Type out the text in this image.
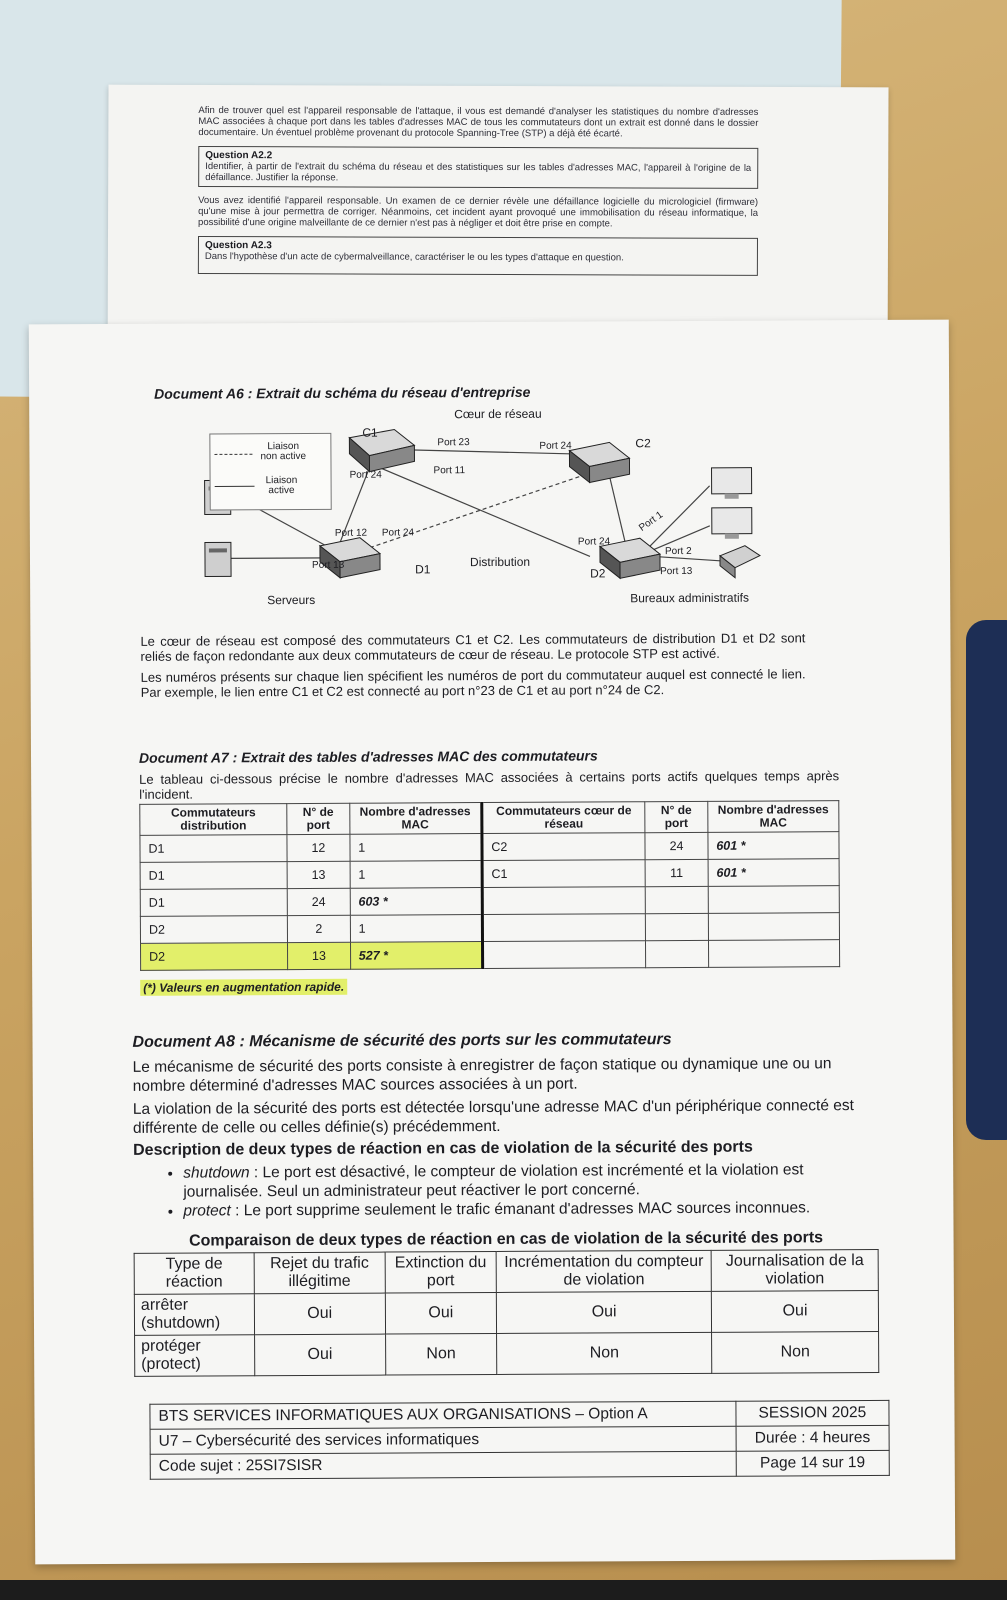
Afin de trouver quel est l'appareil responsable de l'attaque, il vous est demandé d'analyser les statistiques du nombre d'adresses MAC associées à chaque port dans les tables d'adresses MAC de tous les commutateurs dont un extrait est donné dans le dossier documentaire. Un éventuel problème provenant du protocole Spanning-Tree (STP) a déjà été écarté.

Question A2.2

Identifier, à partir de l'extrait du schéma du réseau et des statistiques sur les tables d'adresses MAC, l'appareil à l'origine de la défaillance. Justifier la réponse.

Vous avez identifié l'appareil responsable. Un examen de ce dernier révèle une défaillance logicielle du micrologiciel (firmware) qu'une mise à jour permettra de corriger. Néanmoins, cet incident ayant provoqué une immobilisation du réseau informatique, la possibilité d'une origine malveillante de ce dernier n'est pas à négliger et doit être prise en compte.

Question A2.3

Dans l'hypothèse d'un acte de cybermalveillance, caractériser le ou les types d'attaque en question.

Document A6 : Extrait du schéma du réseau d'entreprise

Liaison
non active
Liaison
active
Cœur de réseau
C1
C2
D1	D2
Port 23	Port 24
Port 24	Port 11
Port 12 Port 24
Port 13
Port 24
Port 1
Port 2
Port 13
Distribution
Serveurs	Bureaux administratifs

Le cœur de réseau est composé des commutateurs C1 et C2. Les commutateurs de distribution D1 et D2 sont reliés de façon redondante aux deux commutateurs de cœur de réseau. Le protocole STP est activé.

Les numéros présents sur chaque lien spécifient les numéros de port du commutateur auquel est connecté le lien. Par exemple, le lien entre C1 et C2 est connecté au port n°23 de C1 et au port n°24 de C2.

Document A7 : Extrait des tables d'adresses MAC des commutateurs

Le tableau ci-dessous précise le nombre d'adresses MAC associées à certains ports actifs quelques temps après l'incident.

Commutateurs distribution	N° de port	Nombre d'adresses MAC	Commutateurs cœur de réseau	N° de port	Nombre d'adresses MAC
D1	12	1	C2	24	601 *
D1	13	1	C1	11	601 *
D1	24	603 *			
D2	2	1			
D2	13	527 *			
(*) Valeurs en augmentation rapide.

Document A8 : Mécanisme de sécurité des ports sur les commutateurs

Le mécanisme de sécurité des ports consiste à enregistrer de façon statique ou dynamique une ou un nombre déterminé d'adresses MAC sources associées à un port.

La violation de la sécurité des ports est détectée lorsqu'une adresse MAC d'un périphérique connecté est différente de celle ou celles définie(s) précédemment.

Description de deux types de réaction en cas de violation de la sécurité des ports

• shutdown : Le port est désactivé, le compteur de violation est incrémenté et la violation est journalisée. Seul un administrateur peut réactiver le port concerné.
• protect : Le port supprime seulement le trafic émanant d'adresses MAC sources inconnues.

Comparaison de deux types de réaction en cas de violation de la sécurité des ports

Type de réaction	Rejet du trafic illégitime	Extinction du port	Incrémentation du compteur de violation	Journalisation de la violation
arrêter (shutdown)	Oui	Oui	Oui	Oui
protéger (protect)	Oui	Non	Non	Non
BTS SERVICES INFORMATIQUES AUX ORGANISATIONS – Option A	SESSION 2025
U7 – Cybersécurité des services informatiques	Durée : 4 heures
Code sujet : 25SI7SISR	Page 14 sur 19
